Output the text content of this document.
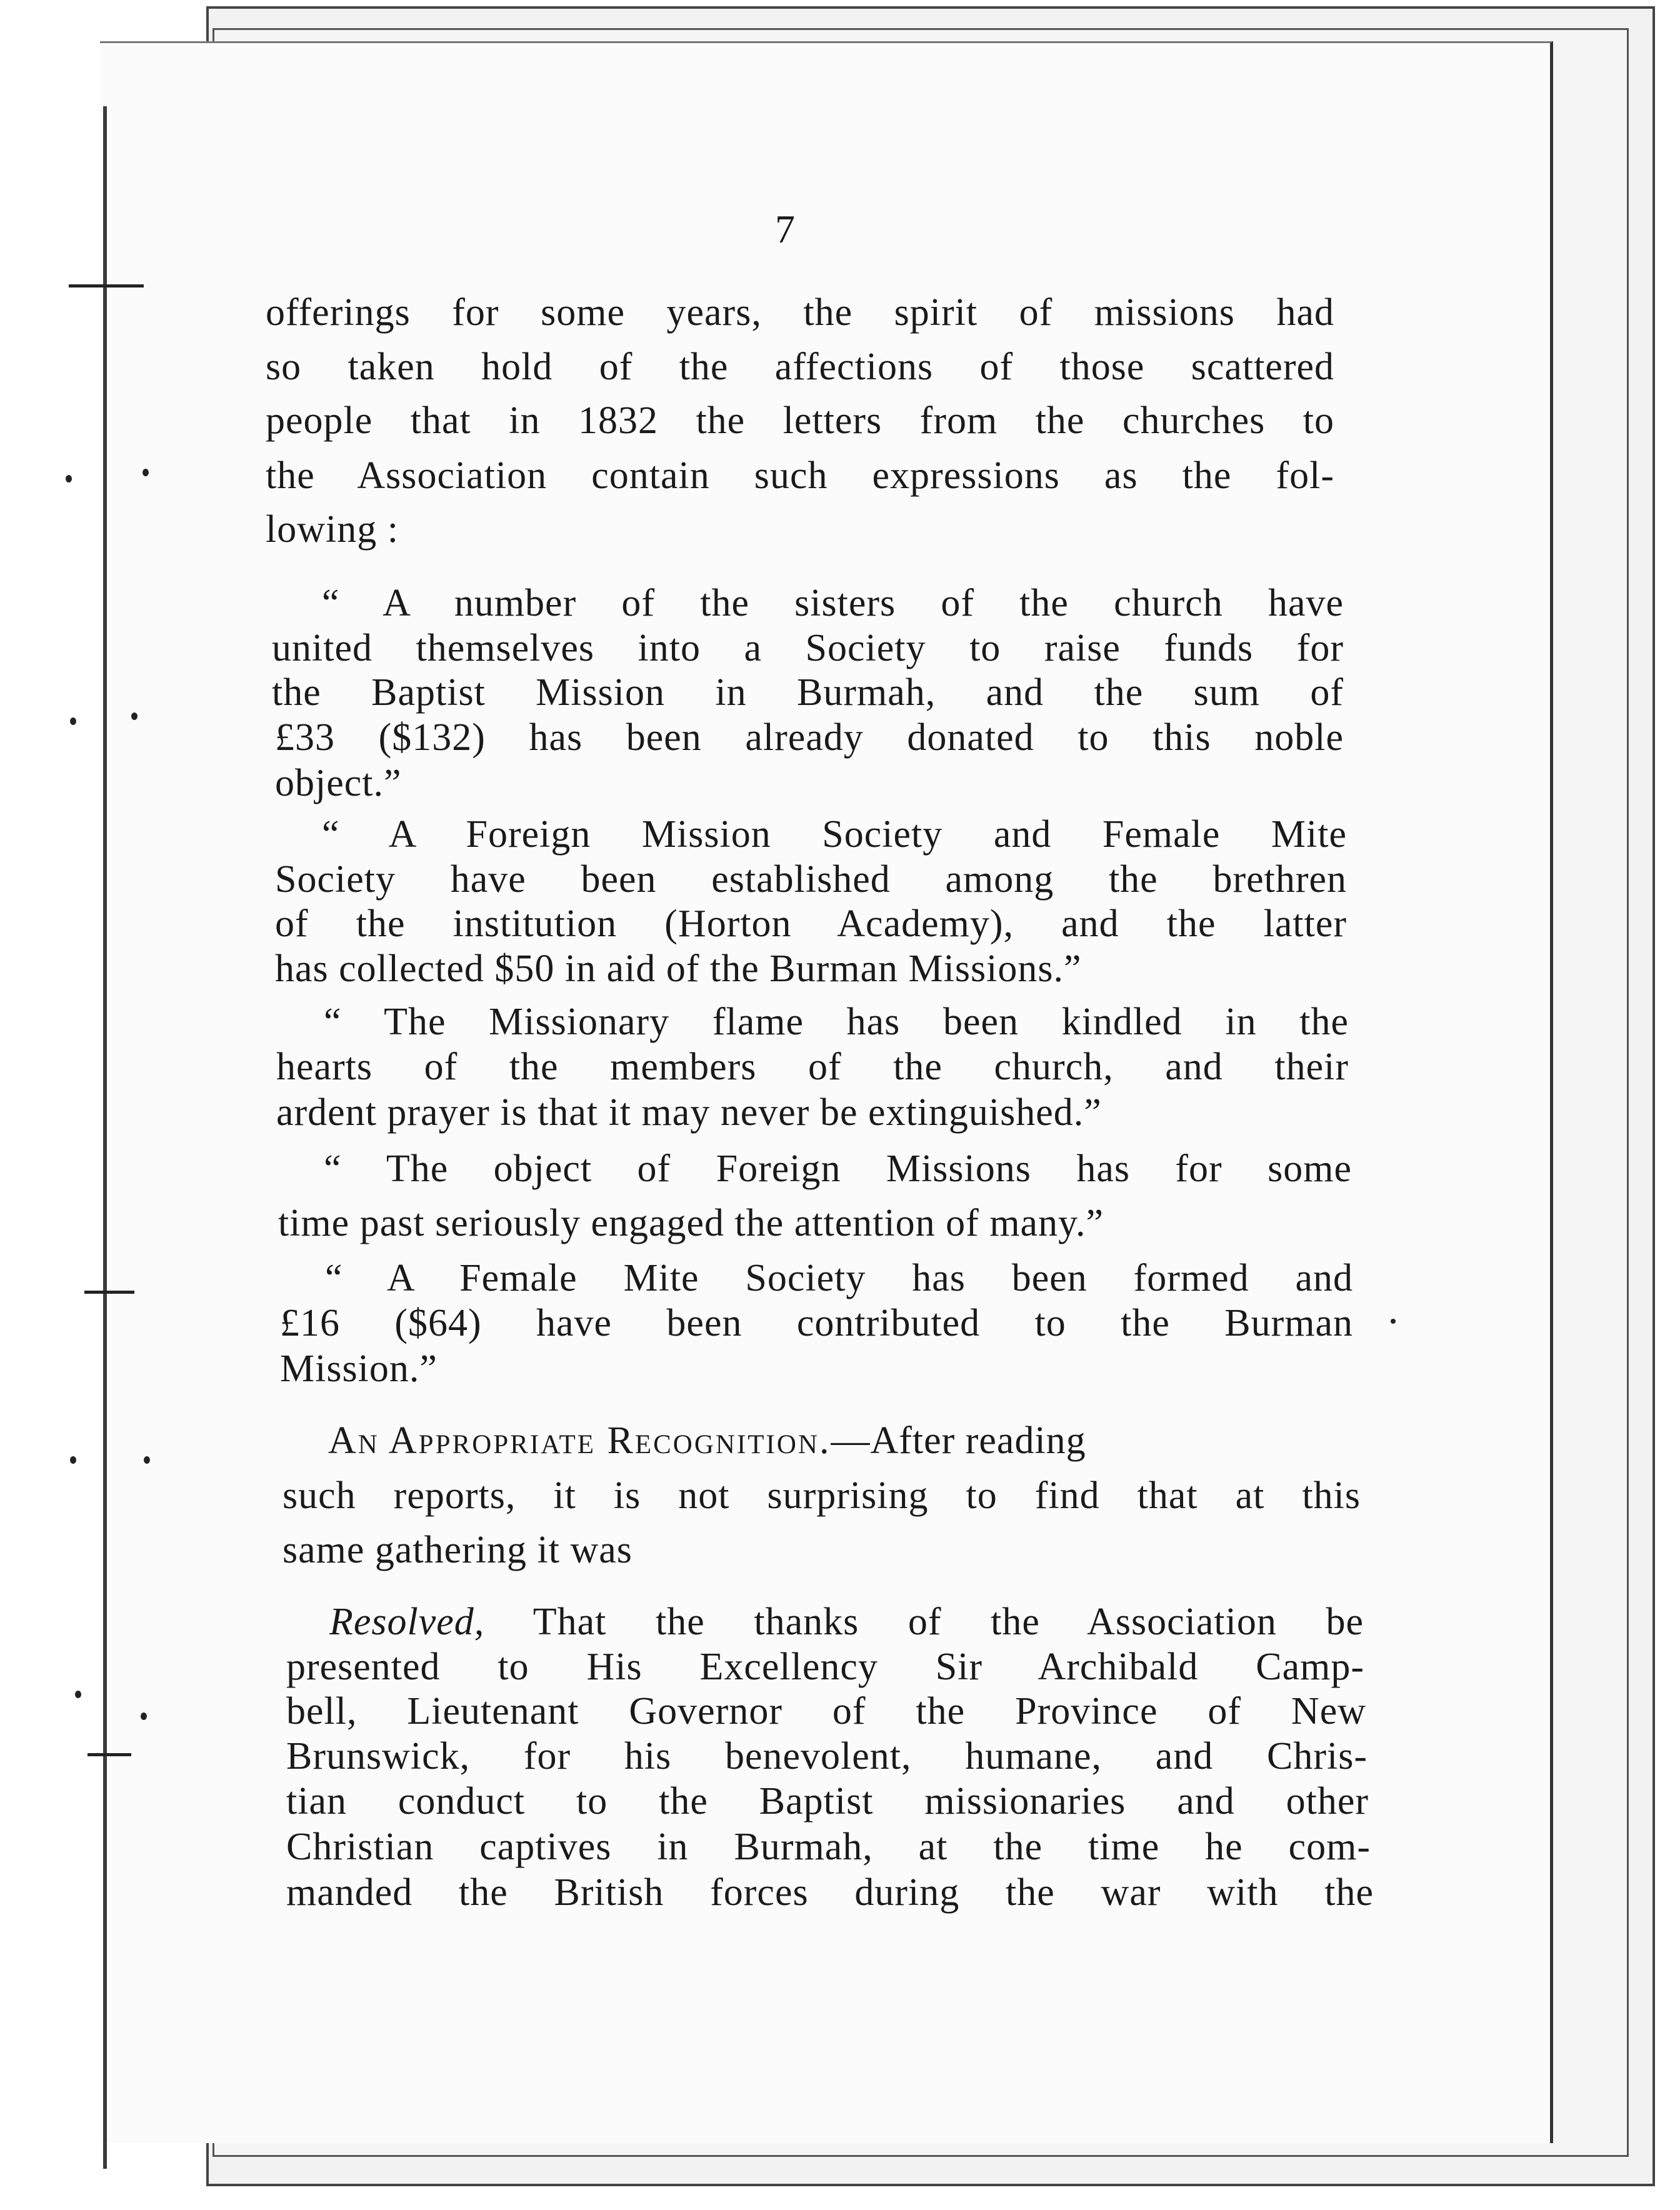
7

offerings for some years, the spirit of missions had

so taken hold of the affections of those scattered

people that in 1832 the letters from the churches to

the Association contain such expressions as the fol-

lowing :

“ A number of the sisters of the church have

united themselves into a Society to raise funds for

the Baptist Mission in Burmah, and the sum of

£33 ($132) has been already donated to this noble

object.”

“ A Foreign Mission Society and Female Mite

Society have been established among the brethren

of the institution (Horton Academy), and the latter

has collected $50 in aid of the Burman Missions.”

“ The Missionary flame has been kindled in the

hearts of the members of the church, and their

ardent prayer is that it may never be extinguished.”

“ The object of Foreign Missions has for some

time past seriously engaged the attention of many.”

“ A Female Mite Society has been formed and

£16 ($64) have been contributed to the Burman

Mission.”

An Appropriate Recognition.—After reading

such reports, it is not surprising to find that at this

same gathering it was

Resolved, That the thanks of the Association be

presented to His Excellency Sir Archibald Camp-

bell, Lieutenant Governor of the Province of New

Brunswick, for his benevolent, humane, and Chris-

tian conduct to the Baptist missionaries and other

Christian captives in Burmah, at the time he com-

manded the British forces during the war with the
